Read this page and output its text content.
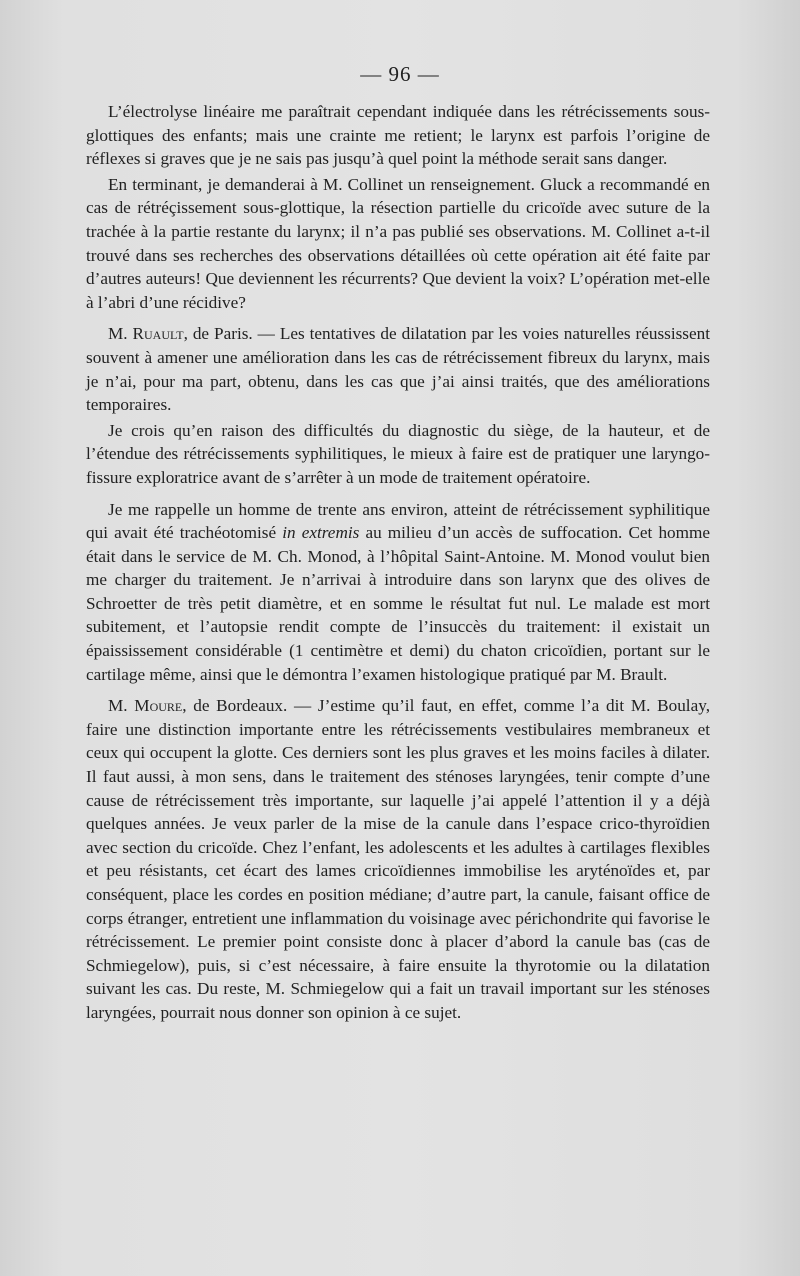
— 96 —

L’électrolyse linéaire me paraîtrait cependant indiquée dans les rétrécissements sous-glottiques des enfants; mais une crainte me retient; le larynx est parfois l’origine de réflexes si graves que je ne sais pas jusqu’à quel point la méthode serait sans danger.

En terminant, je demanderai à M. Collinet un renseignement. Gluck a recommandé en cas de rétréçissement sous-glottique, la résection partielle du cricoïde avec suture de la trachée à la partie restante du larynx; il n’a pas publié ses observations. M. Collinet a-t-il trouvé dans ses recherches des observations détaillées où cette opération ait été faite par d’autres auteurs! Que deviennent les récurrents? Que devient la voix? L’opération met-elle à l’abri d’une récidive?

M. Ruault, de Paris. — Les tentatives de dilatation par les voies naturelles réussissent souvent à amener une amélioration dans les cas de rétrécissement fibreux du larynx, mais je n’ai, pour ma part, obtenu, dans les cas que j’ai ainsi traités, que des améliorations temporaires.

Je crois qu’en raison des difficultés du diagnostic du siège, de la hauteur, et de l’étendue des rétrécissements syphilitiques, le mieux à faire est de pratiquer une laryngo-fissure exploratrice avant de s’arrêter à un mode de traitement opératoire.

Je me rappelle un homme de trente ans environ, atteint de rétrécissement syphilitique qui avait été trachéotomisé in extremis au milieu d’un accès de suffocation. Cet homme était dans le service de M. Ch. Monod, à l’hôpital Saint-Antoine. M. Monod voulut bien me charger du traitement. Je n’arrivai à introduire dans son larynx que des olives de Schroetter de très petit diamètre, et en somme le résultat fut nul. Le malade est mort subitement, et l’autopsie rendit compte de l’insuccès du traitement: il existait un épaississement considérable (1 centimètre et demi) du chaton cricoïdien, portant sur le cartilage même, ainsi que le démontra l’examen histologique pratiqué par M. Brault.

M. Moure, de Bordeaux. — J’estime qu’il faut, en effet, comme l’a dit M. Boulay, faire une distinction importante entre les rétrécissements vestibulaires membraneux et ceux qui occupent la glotte. Ces derniers sont les plus graves et les moins faciles à dilater. Il faut aussi, à mon sens, dans le traitement des sténoses laryngées, tenir compte d’une cause de rétrécissement très importante, sur laquelle j’ai appelé l’attention il y a déjà quelques années. Je veux parler de la mise de la canule dans l’espace crico-thyroïdien avec section du cricoïde. Chez l’enfant, les adolescents et les adultes à cartilages flexibles et peu résistants, cet écart des lames cricoïdiennes immobilise les aryténoïdes et, par conséquent, place les cordes en position médiane; d’autre part, la canule, faisant office de corps étranger, entretient une inflammation du voisinage avec périchondrite qui favorise le rétrécissement. Le premier point consiste donc à placer d’abord la canule bas (cas de Schmiegelow), puis, si c’est nécessaire, à faire ensuite la thyrotomie ou la dilatation suivant les cas. Du reste, M. Schmiegelow qui a fait un travail important sur les sténoses laryngées, pourrait nous donner son opinion à ce sujet.
